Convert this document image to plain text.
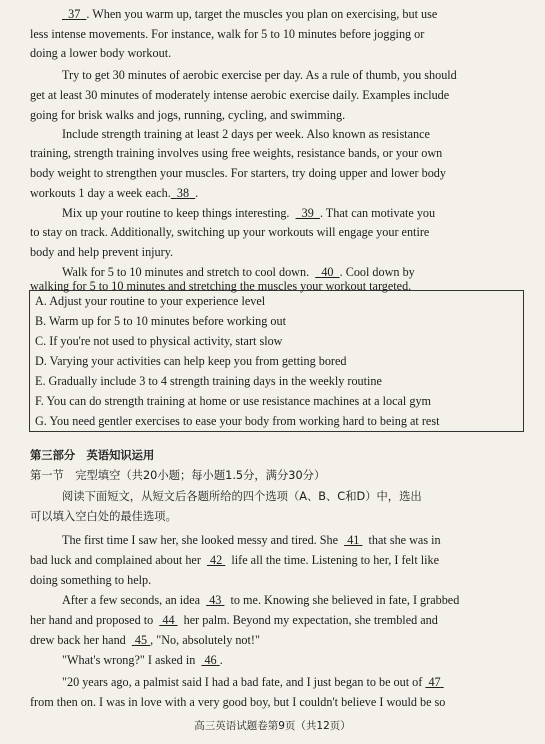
37 . When you warm up, target the muscles you plan on exercising, but use

less intense movements. For instance, walk for 5 to 10 minutes before jogging or

doing a lower body workout.

Try to get 30 minutes of aerobic exercise per day. As a rule of thumb, you should

get at least 30 minutes of moderately intense aerobic exercise daily. Examples include

going for brisk walks and jogs, running, cycling, and swimming.

Include strength training at least 2 days per week. Also known as resistance

training, strength training involves using free weights, resistance bands, or your own

body weight to strengthen your muscles. For starters, try doing upper and lower body

workouts 1 day a week each. 38 .

Mix up your routine to keep things interesting. 39 . That can motivate you

to stay on track. Additionally, switching up your workouts will engage your entire

body and help prevent injury.

Walk for 5 to 10 minutes and stretch to cool down. 40 . Cool down by

walking for 5 to 10 minutes and stretching the muscles your workout targeted.

A. Adjust your routine to your experience level
B. Warm up for 5 to 10 minutes before working out
C. If you're not used to physical activity, start slow
D. Varying your activities can help keep you from getting bored
E. Gradually include 3 to 4 strength training days in the weekly routine
F. You can do strength training at home or use resistance machines at a local gym
G. You need gentler exercises to ease your body from working hard to being at rest

第三部分　英语知识运用

第一节　完型填空（共20小题；每小题1.5分，满分30分）

阅读下面短文，从短文后各题所给的四个选项（A、B、C和D）中，选出

可以填入空白处的最佳选项。

The first time I saw her, she looked messy and tired. She 41 that she was in

bad luck and complained about her 42 life all the time. Listening to her, I felt like

doing something to help.

After a few seconds, an idea 43 to me. Knowing she believed in fate, I grabbed

her hand and proposed to 44 her palm. Beyond my expectation, she trembled and

drew back her hand 45 , "No, absolutely not!"

"What's wrong?" I asked in 46 .

"20 years ago, a palmist said I had a bad fate, and I just began to be out of 47

from then on. I was in love with a very good boy, but I couldn't believe I would be so

高三英语试题卷第9页（共12页）
